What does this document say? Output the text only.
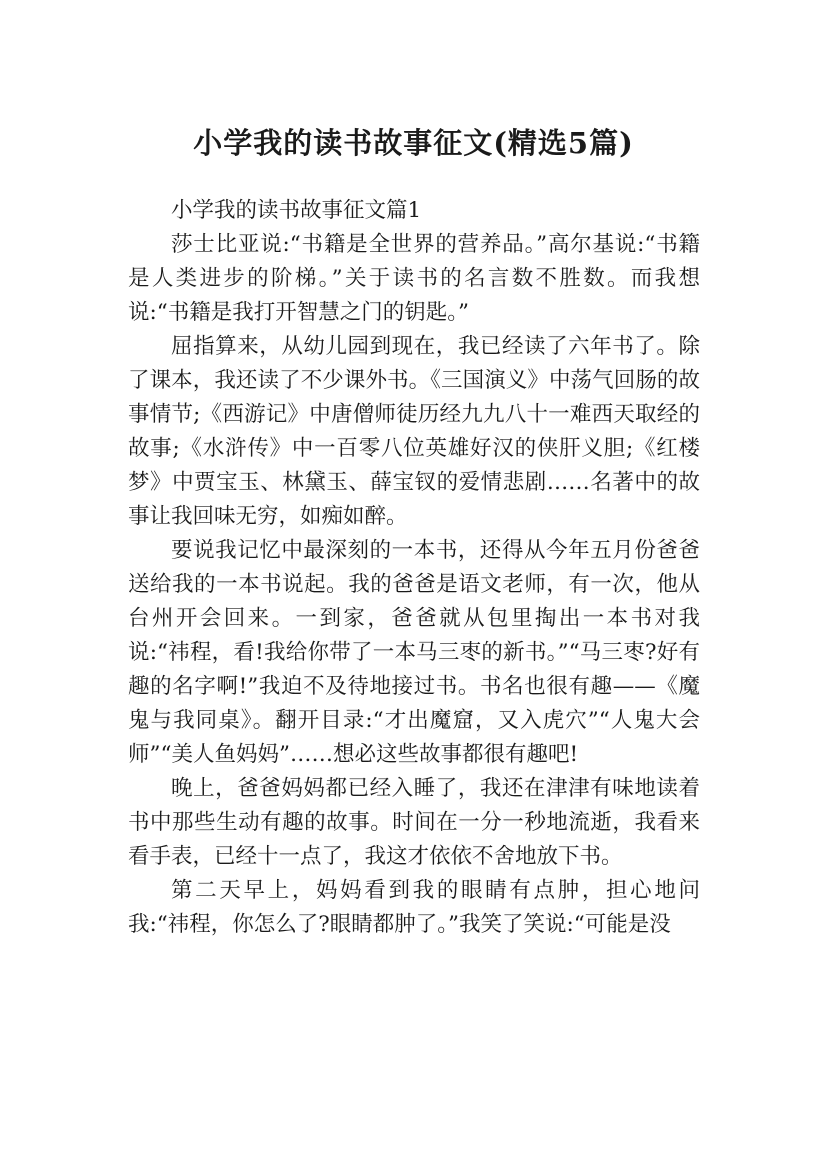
小学我的读书故事征文(精选5篇)

小学我的读书故事征文篇1

莎士比亚说:“书籍是全世界的营养品。”高尔基说:“书籍是人类进步的阶梯。”关于读书的名言数不胜数。而我想说:“书籍是我打开智慧之门的钥匙。”

屈指算来，从幼儿园到现在，我已经读了六年书了。除了课本，我还读了不少课外书。《三国演义》中荡气回肠的故事情节;《西游记》中唐僧师徒历经九九八十一难西天取经的故事;《水浒传》中一百零八位英雄好汉的侠肝义胆;《红楼梦》中贾宝玉、林黛玉、薛宝钗的爱情悲剧……名著中的故事让我回味无穷，如痴如醉。

要说我记忆中最深刻的一本书，还得从今年五月份爸爸送给我的一本书说起。我的爸爸是语文老师，有一次，他从台州开会回来。一到家，爸爸就从包里掏出一本书对我说:“祎程，看!我给你带了一本马三枣的新书。”“马三枣?好有趣的名字啊!”我迫不及待地接过书。书名也很有趣——《魔鬼与我同桌》。翻开目录:“才出魔窟，又入虎穴”“人鬼大会师”“美人鱼妈妈”……想必这些故事都很有趣吧!

晚上，爸爸妈妈都已经入睡了，我还在津津有味地读着书中那些生动有趣的故事。时间在一分一秒地流逝，我看来看手表，已经十一点了，我这才依依不舍地放下书。

第二天早上，妈妈看到我的眼睛有点肿，担心地问我:“祎程，你怎么了?眼睛都肿了。”我笑了笑说:“可能是没
